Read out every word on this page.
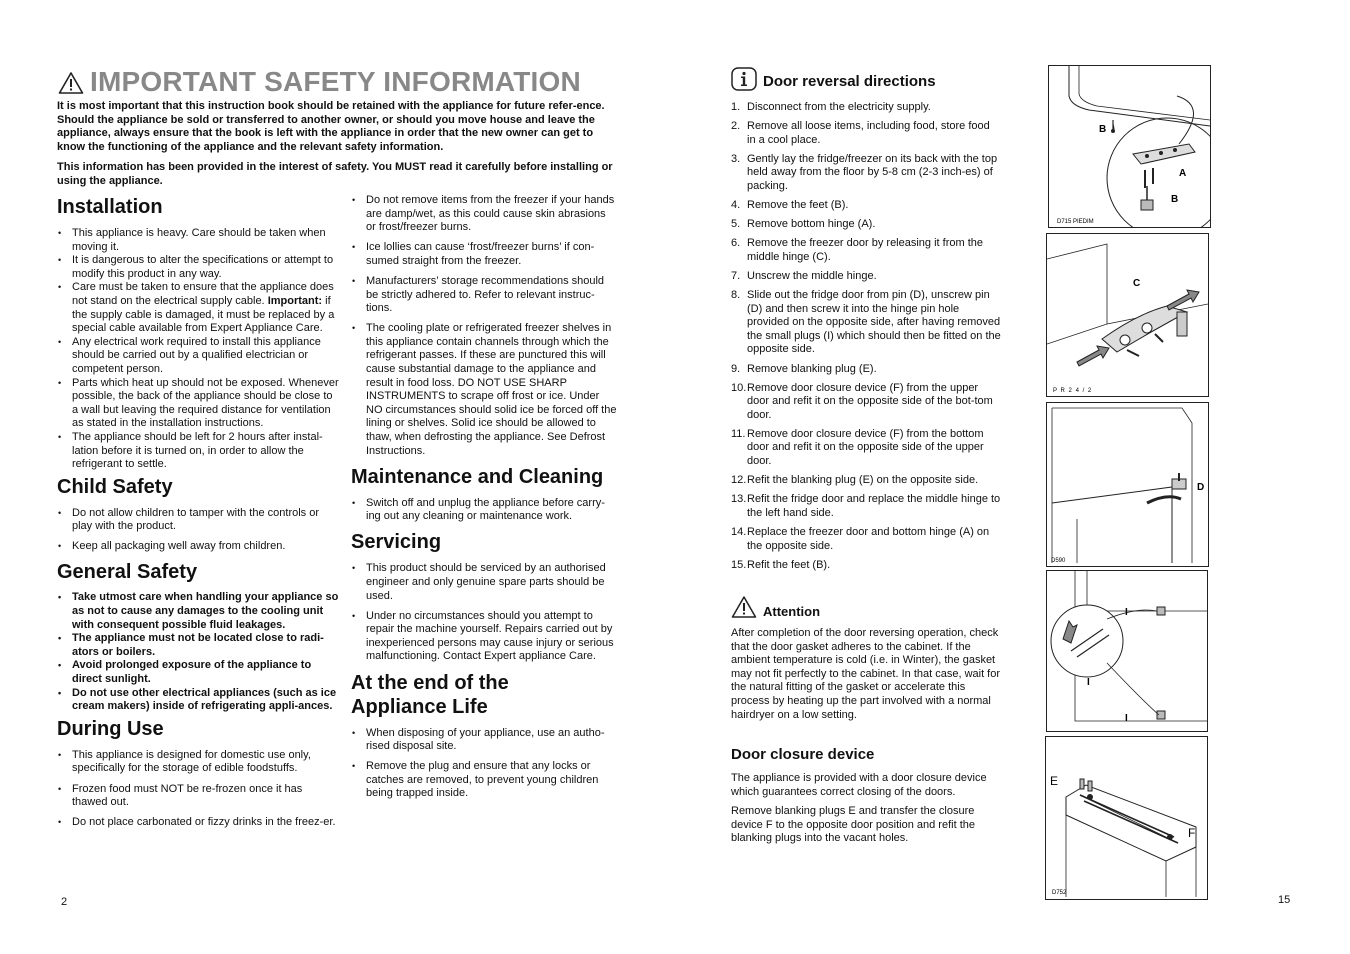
IMPORTANT SAFETY INFORMATION

It is most important that this instruction book should be retained with the appliance for future refer-ence. Should the appliance be sold or transferred to another owner, or should you move house and leave the appliance, always ensure that the book is left with the appliance in order that the new owner can get to know the functioning of the appliance and the relevant safety information.

This information has been provided in the interest of safety. You MUST read it carefully before installing or using the appliance.

Installation
• This appliance is heavy. Care should be taken when moving it.
• It is dangerous to alter the specifications or attempt to modify this product in any way.
• Care must be taken to ensure that the appliance does not stand on the electrical supply cable. Important: if the supply cable is damaged, it must be replaced by a special cable available from Expert Appliance Care.
• Any electrical work required to install this appliance should be carried out by a qualified electrician or competent person.
• Parts which heat up should not be exposed. Whenever possible, the back of the appliance should be close to a wall but leaving the required distance for ventilation as stated in the installation instructions.
• The appliance should be left for 2 hours after instal-lation before it is turned on, in order to allow the refrigerant to settle.
Child Safety
• Do not allow children to tamper with the controls or play with the product.
• Keep all packaging well away from children.
General Safety
• Take utmost care when handling your appliance so as not to cause any damages to the cooling unit with consequent possible fluid leakages.
• The appliance must not be located close to radi-ators or boilers.
• Avoid prolonged exposure of the appliance to direct sunlight.
• Do not use other electrical appliances (such as ice cream makers) inside of refrigerating appli-ances.
During Use
• This appliance is designed for domestic use only, specifically for the storage of edible foodstuffs.
• Frozen food must NOT be re-frozen once it has thawed out.
• Do not place carbonated or fizzy drinks in the freez-er.
• Do not remove items from the freezer if your hands are damp/wet, as this could cause skin abrasions or frost/freezer burns.
• Ice lollies can cause ‘frost/freezer burns’ if con-sumed straight from the freezer.
• Manufacturers’ storage recommendations should be strictly adhered to. Refer to relevant instruc-tions.
• The cooling plate or refrigerated freezer shelves in this appliance contain channels through which the refrigerant passes. If these are punctured this will cause substantial damage to the appliance and result in food loss. DO NOT USE SHARP INSTRUMENTS to scrape off frost or ice. Under NO circumstances should solid ice be forced off the lining or shelves. Solid ice should be allowed to thaw, when defrosting the appliance. See Defrost Instructions.
Maintenance and Cleaning
• Switch off and unplug the appliance before carry-ing out any cleaning or maintenance work.
Servicing
• This product should be serviced by an authorised engineer and only genuine spare parts should be used.
• Under no circumstances should you attempt to repair the machine yourself. Repairs carried out by inexperienced persons may cause injury or serious malfunctioning. Contact Expert appliance Care.
At the end of the
Appliance Life
• When disposing of your appliance, use an autho-rised disposal site.
• Remove the plug and ensure that any locks or catches are removed, to prevent young children being trapped inside.
2
Door reversal directions
1. Disconnect from the electricity supply.
2. Remove all loose items, including food, store food in a cool place.
3. Gently lay the fridge/freezer on its back with the top held away from the floor by 5-8 cm (2-3 inch-es) of packing.
4. Remove the feet (B).
5. Remove bottom hinge (A).
6. Remove the freezer door by releasing it from the middle hinge (C).
7. Unscrew the middle hinge.
8. Slide out the fridge door from pin (D), unscrew pin (D) and then screw it into the hinge pin hole provided on the opposite side, after having removed the small plugs (I) which should then be fitted on the opposite side.
9. Remove blanking plug (E).
10. Remove door closure device (F) from the upper door and refit it on the opposite side of the bot-tom door.
11. Remove door closure device (F) from the bottom door and refit it on the opposite side of the upper door.
12. Refit the blanking plug (E) on the opposite side.
13. Refit the fridge door and replace the middle hinge to the left hand side.
14. Replace the freezer door and bottom hinge (A) on the opposite side.
15. Refit the feet (B).
Attention

After completion of the door reversing operation, check that the door gasket adheres to the cabinet. If the ambient temperature is cold (i.e. in Winter), the gasket may not fit perfectly to the cabinet. In that case, wait for the natural fitting of the gasket or accelerate this process by heating up the part involved with a normal hairdryer on a low setting.

Door closure device

The appliance is provided with a door closure device which guarantees correct closing of the doors.

Remove blanking plugs E and transfer the closure device F to the opposite door position and refit the blanking plugs into the vacant holes.

15
B
A
B
D715 PIEDIM
C
P R 2 4 / 2
D
D590
I
I
I
E
F
D752
